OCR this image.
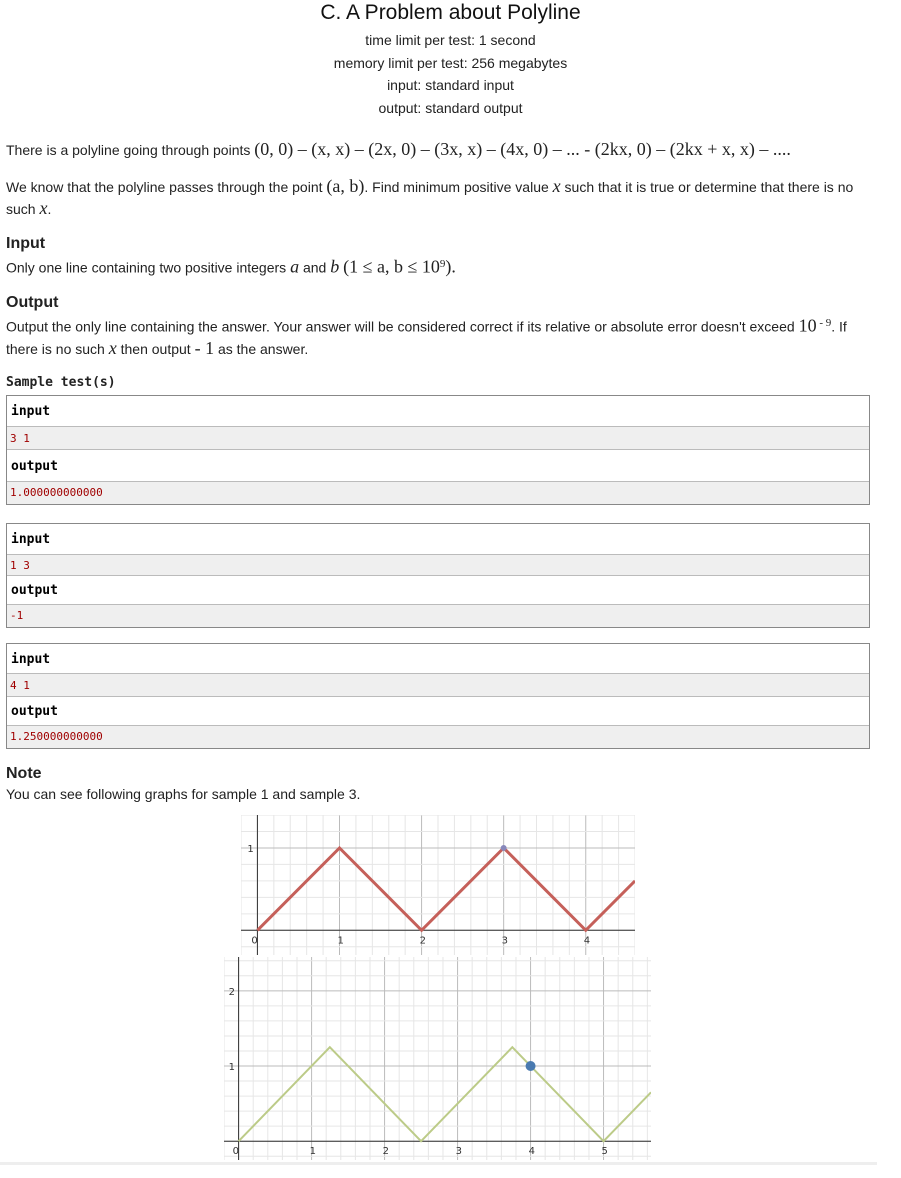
C. A Problem about Polyline
time limit per test: 1 second
memory limit per test: 256 megabytes
input: standard input
output: standard output
There is a polyline going through points (0, 0) – (x, x) – (2x, 0) – (3x, x) – (4x, 0) – ... - (2kx, 0) – (2kx + x, x) – ....
We know that the polyline passes through the point (a, b). Find minimum positive value x such that it is true or determine that there is no such x.
Input
Only one line containing two positive integers a and b (1 ≤ a, $b \le 10^9$).
Output
Output the only line containing the answer. Your answer will be considered correct if its relative or absolute error doesn't exceed 10 $^{- 9}$. If there is no such x then output - 1 as the answer.
Sample test(s)
input
3 1
output
1.000000000000
input
1 3
output
-1
input
4 1
output
1.250000000000
Note
You can see following graphs for sample 1 and sample 3.
0	1	2	3	4
1
0	1	2	3	4	5
1
2
